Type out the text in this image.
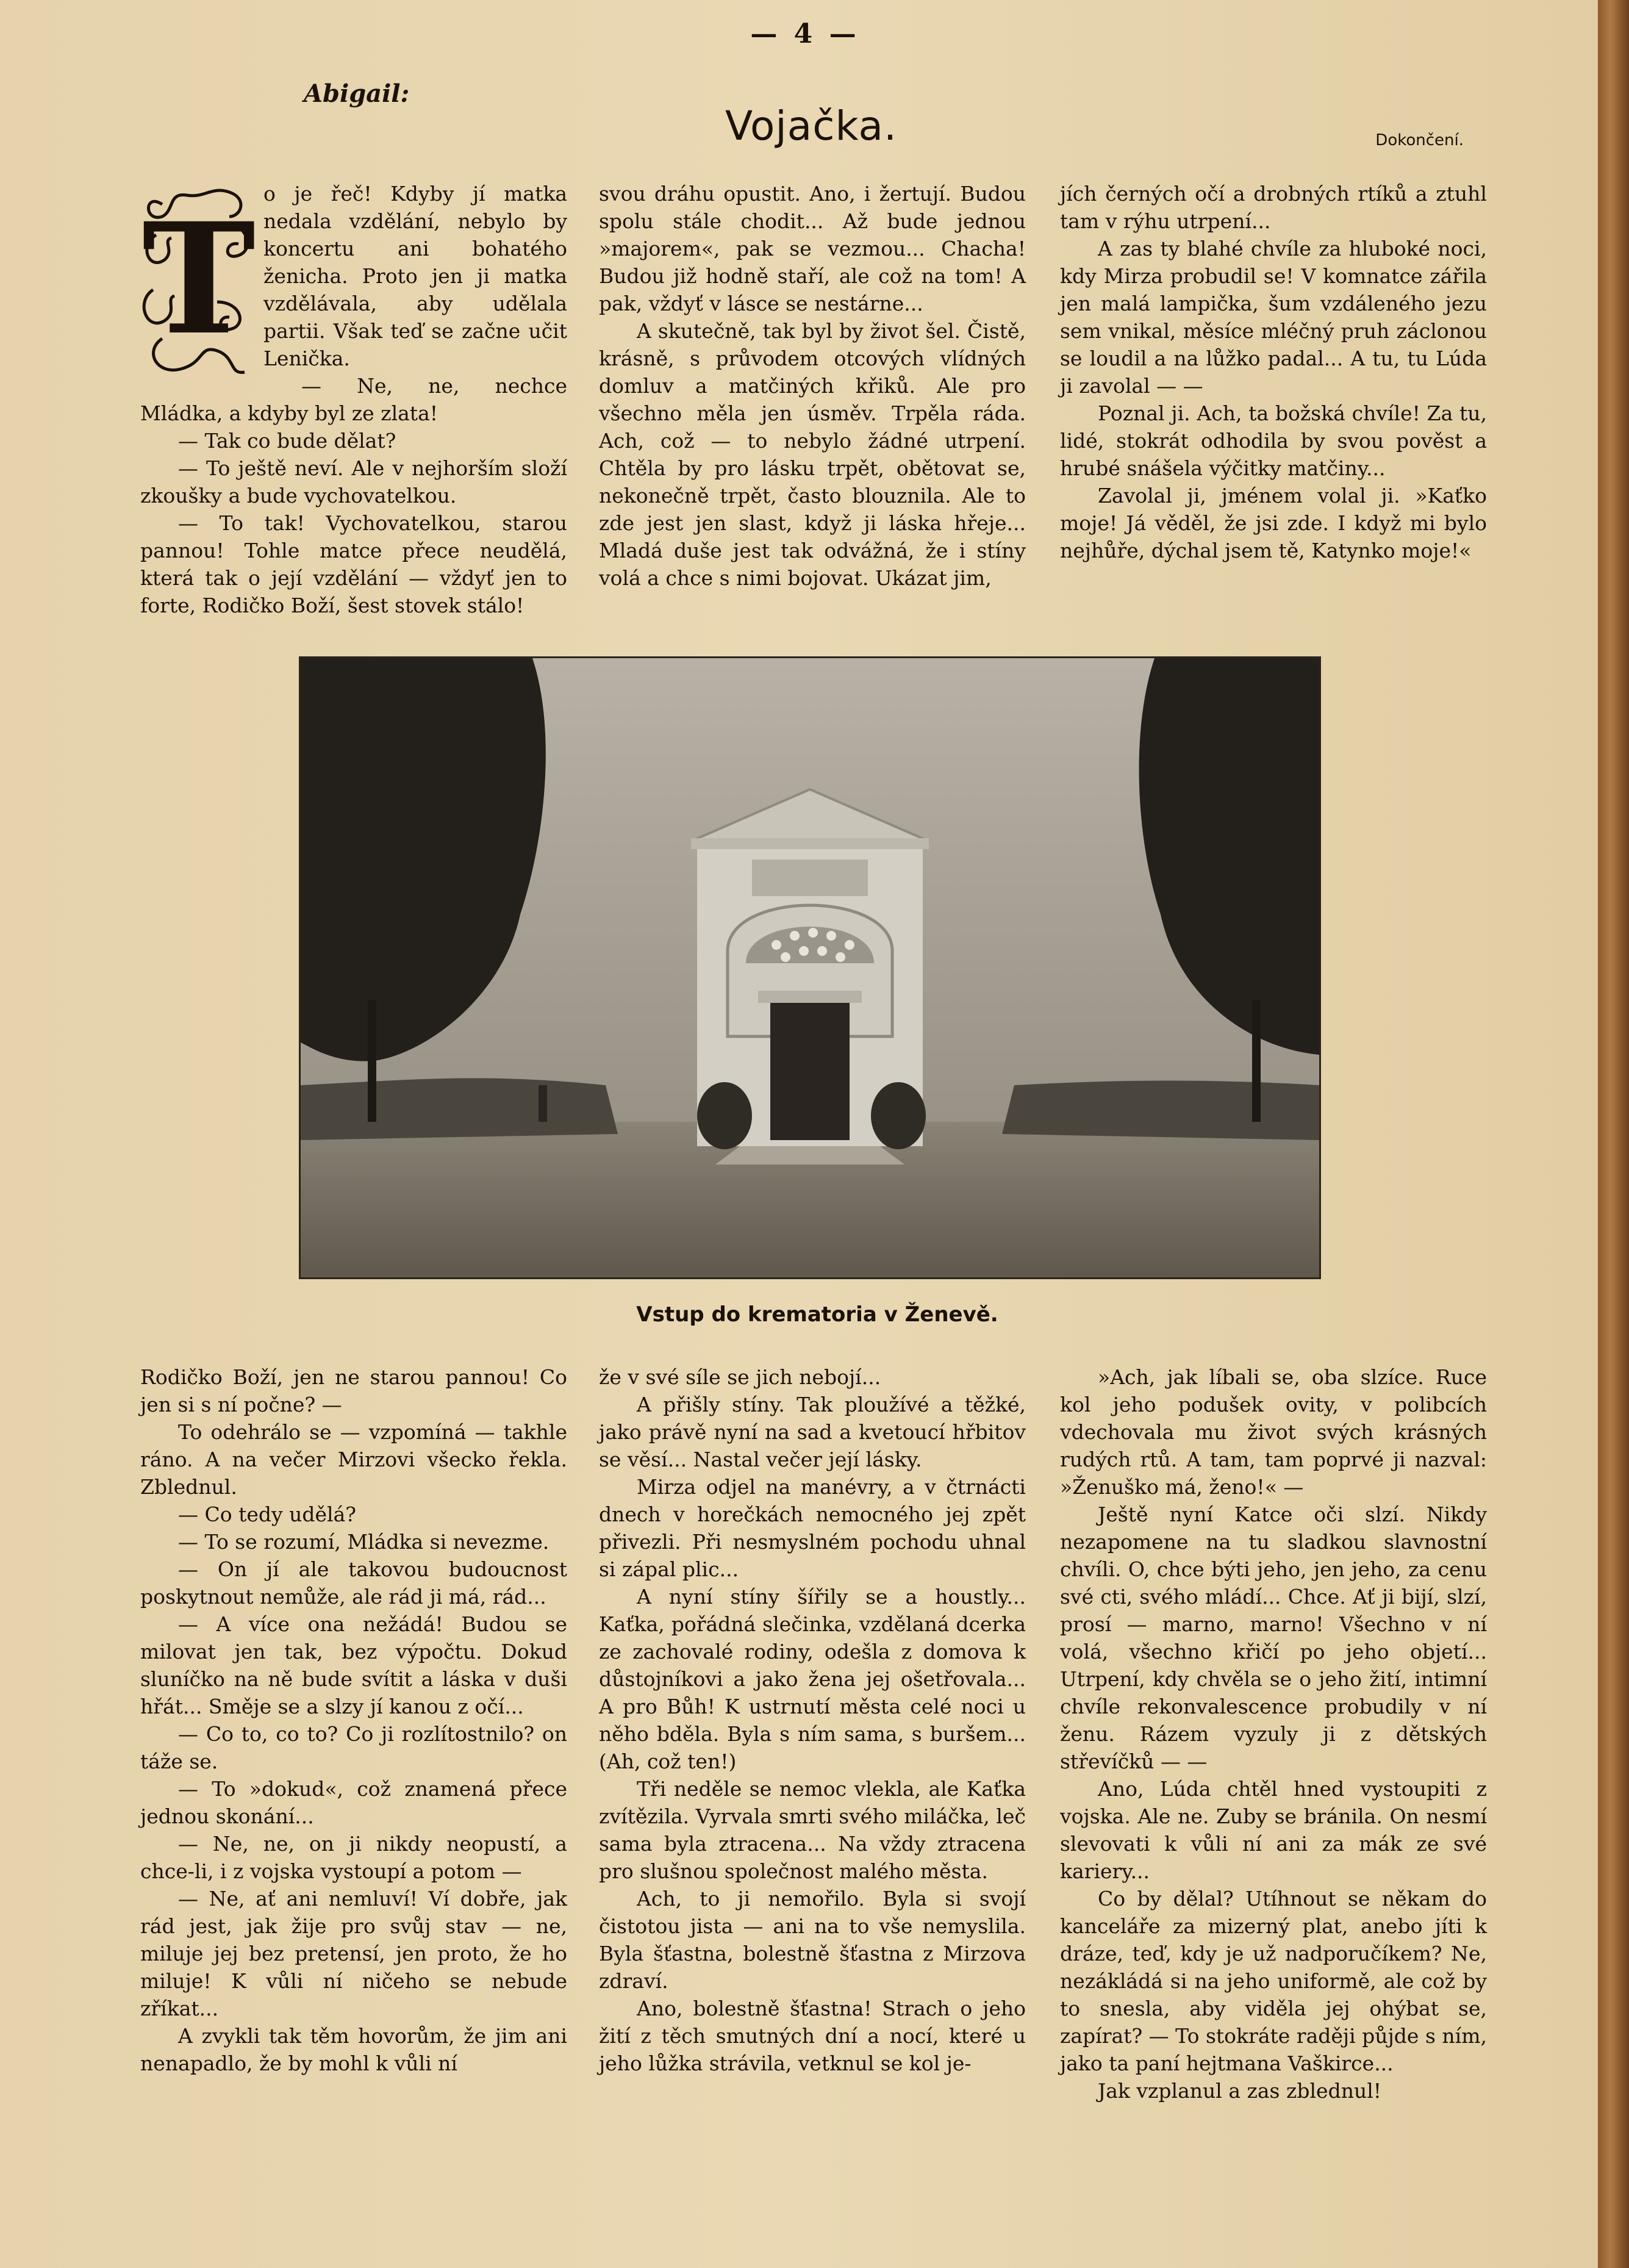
— 4 —
Abigail:
Vojačka.	Dokončení.
T o je řeč! Kdyby jí matka nedala vzdělání, nebylo by koncertu ani bohatého ženicha. Proto jen ji matka vzdělávala, aby udělala partii. Však teď se začne učit Lenička.

— Ne, ne, nechce Mládka, a kdyby byl ze zlata!

— Tak co bude dělat?

— To ještě neví. Ale v nejhorším složí zkoušky a bude vychovatelkou.

— To tak! Vychovatelkou, starou pannou! Tohle matce přece neudělá, která tak o její vzdělání — vždyť jen to forte, Rodičko Boží, šest stovek stálo!

svou dráhu opustit. Ano, i žertují. Budou spolu stále chodit... Až bude jednou »majorem«, pak se vezmou... Chacha! Budou již hodně staří, ale což na tom! A pak, vždyť v lásce se nestárne...

A skutečně, tak byl by život šel. Čistě, krásně, s průvodem otcových vlídných domluv a matčiných křiků. Ale pro všechno měla jen úsměv. Trpěla ráda. Ach, což — to nebylo žádné utrpení. Chtěla by pro lásku trpět, obětovat se, nekonečně trpět, často blouznila. Ale to zde jest jen slast, když ji láska hřeje... Mladá duše jest tak odvážná, že i stíny volá a chce s nimi bojovat. Ukázat jim,

jích černých očí a drobných rtíků a ztuhl tam v rýhu utrpení...

A zas ty blahé chvíle za hluboké noci, kdy Mirza probudil se! V komnatce zářila jen malá lampička, šum vzdáleného jezu sem vnikal, měsíce mléčný pruh záclonou se loudil a na lůžko padal... A tu, tu Lúda ji zavolal — —

Poznal ji. Ach, ta božská chvíle! Za tu, lidé, stokrát odhodila by svou pověst a hrubé snášela výčitky matčiny...

Zavolal ji, jménem volal ji. »Kaťko moje! Já věděl, že jsi zde. I když mi bylo nejhůře, dýchal jsem tě, Katynko moje!«

Vstup do krematoria v Ženevě.

Rodičko Boží, jen ne starou pannou! Co jen si s ní počne? —

To odehrálo se — vzpomíná — takhle ráno. A na večer Mirzovi všecko řekla. Zblednul.

— Co tedy udělá?

— To se rozumí, Mládka si nevezme.

— On jí ale takovou budoucnost poskytnout nemůže, ale rád ji má, rád...

— A více ona nežádá! Budou se milovat jen tak, bez výpočtu. Dokud sluníčko na ně bude svítit a láska v duši hřát... Směje se a slzy jí kanou z očí...

— Co to, co to? Co ji rozlítostnilo? on táže se.

— To »dokud«, což znamená přece jednou skonání...

— Ne, ne, on ji nikdy neopustí, a chce-li, i z vojska vystoupí a potom —

— Ne, ať ani nemluví! Ví dobře, jak rád jest, jak žije pro svůj stav — ne, miluje jej bez pretensí, jen proto, že ho miluje! K vůli ní ničeho se nebude zříkat...

A zvykli tak těm hovorům, že jim ani nenapadlo, že by mohl k vůli ní

že v své síle se jich nebojí...

A přišly stíny. Tak ploužívé a těžké, jako právě nyní na sad a kvetoucí hřbitov se věsí... Nastal večer její lásky.

Mirza odjel na manévry, a v čtrnácti dnech v horečkách nemocného jej zpět přivezli. Při nesmyslném pochodu uhnal si zápal plic...

A nyní stíny šířily se a houstly... Kaťka, pořádná slečinka, vzdělaná dcerka ze zachovalé rodiny, odešla z domova k důstojníkovi a jako žena jej ošetřovala... A pro Bůh! K ustrnutí města celé noci u něho bděla. Byla s ním sama, s buršem... (Ah, což ten!)

Tři neděle se nemoc vlekla, ale Kaťka zvítězila. Vyrvala smrti svého miláčka, leč sama byla ztracena... Na vždy ztracena pro slušnou společnost malého města.

Ach, to ji nemořilo. Byla si svojí čistotou jista — ani na to vše nemyslila. Byla šťastna, bolestně šťastna z Mirzova zdraví.

Ano, bolestně šťastna! Strach o jeho žití z těch smutných dní a nocí, které u jeho lůžka strávila, vetknul se kol je-

»Ach, jak líbali se, oba slzíce. Ruce kol jeho podušek ovity, v polibcích vdechovala mu život svých krásných rudých rtů. A tam, tam poprvé ji nazval: »Ženuško má, ženo!« —

Ještě nyní Katce oči slzí. Nikdy nezapomene na tu sladkou slavnostní chvíli. O, chce býti jeho, jen jeho, za cenu své cti, svého mládí... Chce. Ať ji bijí, slzí, prosí — marno, marno! Všechno v ní volá, všechno křičí po jeho objetí... Utrpení, kdy chvěla se o jeho žití, intimní chvíle rekonvalescence probudily v ní ženu. Rázem vyzuly ji z dětských střevíčků — —

Ano, Lúda chtěl hned vystoupiti z vojska. Ale ne. Zuby se bránila. On nesmí slevovati k vůli ní ani za mák ze své kariery...

Co by dělal? Utíhnout se někam do kanceláře za mizerný plat, anebo jíti k dráze, teď, kdy je už nadporučíkem? Ne, nezákládá si na jeho uniformě, ale což by to snesla, aby viděla jej ohýbat se, zapírat? — To stokráte raději půjde s ním, jako ta paní hejtmana Vaškirce...

Jak vzplanul a zas zblednul!
